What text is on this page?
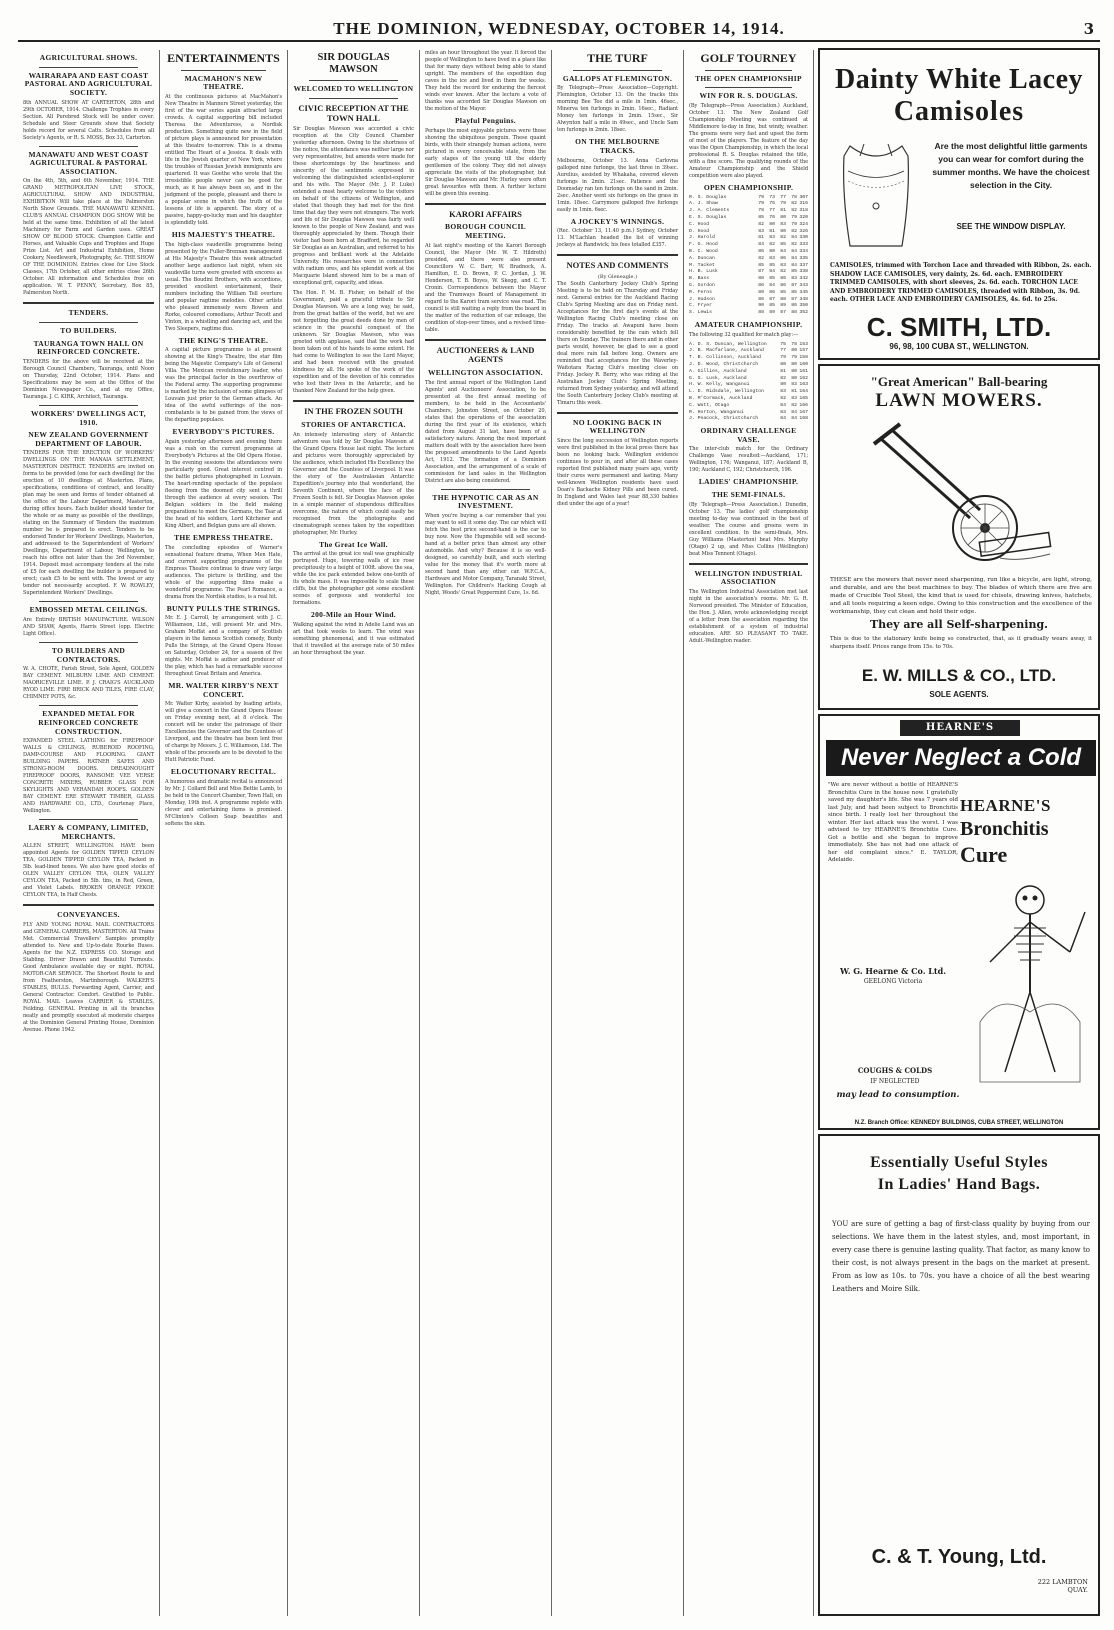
THE DOMINION, WEDNESDAY, OCTOBER 14, 1914.	3
AGRICULTURAL SHOWS.
WAIRARAPA AND EAST COAST PASTORAL AND AGRICULTURAL SOCIETY.
8th ANNUAL SHOW AT CARTERTON, 28th and 29th OCTOBER, 1914. Challenge Trophies in every Section. All Purebred Stock will be under cover. Schedule and Steer Grounds show that Society holds record for several Catts. Schedules from all Society's Agents, or R. S. MOSS, Box 33, Carterton.
MANAWATU AND WEST COAST AGRICULTURAL & PASTORAL ASSOCIATION.
On the 4th, 5th, and 6th November, 1914. THE GRAND METROPOLITAN LIVE STOCK, AGRICULTURAL SHOW AND INDUSTRIAL EXHIBITION Will take place at the Palmerston North Show Grounds. THE MANAWATU KENNEL CLUB'S ANNUAL CHAMPION DOG SHOW Will be held at the same time. Exhibition of all the latest Machinery for Farm and Garden uses. GREAT SHOW OF BLOOD STOCK. Champion Cattle and Horses, and Valuable Cups and Trophies and Huge Prize List. Art and Industrial Exhibition, Home Cookery, Needlework, Photography, &c. THE SHOW OF THE DOMINION. Entries close for Live Stock Classes, 17th October, all other entries close 26th October. All information and Schedules free on application. W. T. PENNY, Secretary, Box 85, Palmerston North.
TENDERS.
TO BUILDERS.
TAURANGA TOWN HALL ON REINFORCED CONCRETE.
TENDERS for the above will be received at the Borough Council Chambers, Tauranga, until Noon on Thursday, 22nd October, 1914. Plans and Specifications may be seen at the Office of the Dominion Newspaper Co., and at my Office, Tauranga. J. C. KIRK, Architect, Tauranga.
WORKERS' DWELLINGS ACT, 1910.
NEW ZEALAND GOVERNMENT DEPARTMENT OF LABOUR.
TENDERS FOR THE ERECTION OF WORKERS' DWELLINGS ON THE MANAIA SETTLEMENT, MASTERTON DISTRICT. TENDERS are invited on forms to be provided (one for each dwelling) for the erection of 10 dwellings at Masterton. Plans, specifications, conditions of contract, and locality plan may be seen and forms of tender obtained at the office of the Labour Department, Masterton, during office hours. Each builder should tender for the whole or as many as possible of the dwellings, stating on the Summary of Tenders the maximum number he is prepared to erect. Tenders to be endorsed Tender for Workers' Dwellings, Masterton, and addressed to the Superintendent of Workers' Dwellings, Department of Labour, Wellington, to reach his office not later than the 3rd November, 1914. Deposit must accompany tenders at the rate of £5 for each dwelling the builder is prepared to erect; cash £5 to be sent with. The lowest or any tender not necessarily accepted. F. W. ROWLEY, Superintendent Workers' Dwellings.
EMBOSSED METAL CEILINGS.
Are Entirely BRITISH MANUFACTURE. WILSON AND SHAW, Agents, Harris Street (opp. Electric Light Office).
TO BUILDERS AND CONTRACTORS.
W. A. CHOTE, Farish Street, Sole Agent, GOLDEN BAY CEMENT. MILBURN LIME AND CEMENT. MAORICEVILLE LIME. P. J. CRAIG'S AUCKLAND RYOD LIME. FIRE BRICK AND TILES, FIRE CLAY, CHIMNEY POTS, &c.
EXPANDED METAL FOR REINFORCED CONCRETE CONSTRUCTION.
EXPANDED STEEL LATHING for FIREPROOF WALLS & CEILINGS, RUBEROID ROOFING, DAMP-COURSE AND FLOORING. GIANT BUILDING PAPERS. RATNER SAFES AND STRONG-ROOM DOORS. DREADNOUGHT FIREPROOF DOORS, RANSOME VEE VERSE CONCRETE MIXERS, RUBBER GLASS FOR SKYLIGHTS AND VERANDAH ROOFS. GOLDEN BAY CEMENT. ERE STEWART TIMBER, GLASS AND HARDWARE CO., LTD., Courtenay Place, Wellington.
LAERY & COMPANY, LIMITED, MERCHANTS.
ALLEN STREET, WELLINGTON. HAVE been appointed Agents for GOLDEN TIPPED CEYLON TEA, GOLDEN TIPPED CEYLON TEA, Packed in 5lb. lead-lined boxes. We also have good stocks of OLEN VALLEY CEYLON TEA, OLEN VALLEY CEYLON TEA, Packed in 5lb. tins, in Red, Green, and Violet Labels. BROKEN ORANGE PEKOE CEYLON TEA, In Half Chests.
CONVEYANCES.
FLY AND YOUNG ROYAL MAIL CONTRACTORS and GENERAL CARRIERS, MASTERTON. All Trains Met. Commercial Travellers' Samples promptly attended to. New and Up-to-date Rourke Buses. Agents for the N.Z. EXPRESS CO. Storage and Stabling. Driver Drawn and Beautiful Turnouts. Good Ambulance available day or night. ROYAL MOTOR-CAR SERVICE. The Shortest Route to and from Featherston, Martinborough. WALKER'S STABLES, BULLS. Forwarding Agent, Carrier, and General Contractor. Comfort. Gratified to Public. ROYAL MAIL Leaves CARRIER & STABLES, Feilding. GENERAL Printing in all its branches neatly and promptly executed at moderate charges at the Dominion General Printing House, Dominion Avenue. Phone 1942.
ENTERTAINMENTS
MACMAHON'S NEW THEATRE.
At the continuous pictures at MacMahon's New Theatre in Manners Street yesterday, the first of the war series again attracted large crowds. A capital supporting bill included Theresa the Adventuress, a Nordisk production. Something quite new in the field of picture plays is announced for presentation at this theatre to-morrow. This is a drama entitled The Heart of a Jessica. It deals with life in the Jewish quarter of New York, where the troubles of Russian Jewish immigrants are quartered. It was Goethe who wrote that the irresistible people never can be good for much, as it has always been so, and in the judgment of the people, pleasant and there is a popular scene in which the truth of the lessons of life is apparent. The story of a passive, happy-go-lucky man and his daughter is splendidly told.
HIS MAJESTY'S THEATRE.
The high-class vaudeville programme being presented by the Fuller-Brennan management at His Majesty's Theatre this week attracted another large audience last night, when six vaudeville turns were greeted with encores as usual. The Boudini Brothers, with accordions, provided excellent entertainment, their numbers including the William Tell overture and popular ragtime melodies. Other artists who pleased immensely were Bowen and Rorke, coloured comedians, Arthur Tecott and Vinton, in a whistling and dancing act, and the Two Sleepers, ragtime duo.
THE KING'S THEATRE.
A capital picture programme is at present showing at the King's Theatre, the star film being the Majestic Company's Life of General Villa. The Mexican revolutionary leader, who was the principal factor in the overthrow of the Federal army. The supporting programme is marked by the inclusion of some glimpses of Louvain just prior to the German attack. An idea of the awful sufferings of the non-combatants is to be gained from the views of the departing populace.
EVERYBODY'S PICTURES.
Again yesterday afternoon and evening there was a rush on the current programme at Everybody's Pictures at the Old Opera House. In the evening sessions the attendances were particularly good. Great interest centred in the battle pictures photographed in Louvain. The heart-rending spectacle of the populace fleeing from the doomed city sent a thrill through the audience at every session. The Belgian soldiers in the field making preparations to meet the Germans, the Tsar at the head of his soldiers, Lord Kitchener and King Albert, and Belgian guns are all shown.
THE EMPRESS THEATRE.
The concluding episodes of Warner's sensational feature drama, When Men Hate, and current supporting programme of the Empress Theatre continue to draw very large audiences. The picture is thrilling, and the whole of the supporting films make a wonderful programme. The Pearl Romance, a drama from the Nordisk studios, is a real hit.
BUNTY PULLS THE STRINGS.
Mr. E. J. Carroll, by arrangement with J. C. Williamson, Ltd., will present Mr. and Mrs. Graham Moffat and a company of Scottish players in the famous Scottish comedy, Bunty Pulls the Strings, at the Grand Opera House on Saturday, October 24, for a season of five nights. Mr. Moffat is author and producer of the play, which has had a remarkable success throughout Great Britain and America.
MR. WALTER KIRBY'S NEXT CONCERT.
Mr. Walter Kirby, assisted by leading artists, will give a concert in the Grand Opera House on Friday evening next, at 8 o'clock. The concert will be under the patronage of their Excellencies the Governor and the Countess of Liverpool, and the theatre has been lent free of charge by Messrs. J. C. Williamson, Ltd. The whole of the proceeds are to be devoted to the Hutt Patriotic Fund.
ELOCUTIONARY RECITAL.
A humorous and dramatic recital is announced by Mr. J. Collard Bell and Miss Bettie Lamb, to be held in the Concert Chamber, Town Hall, on Monday, 19th inst. A programme replete with clever and entertaining items is promised. M'Clinton's Colleen Soap beautifies and softens the skin.
SIR DOUGLAS MAWSON
WELCOMED TO WELLINGTON
CIVIC RECEPTION AT THE TOWN HALL
Sir Douglas Mawson was accorded a civic reception at the City Council Chamber yesterday afternoon. Owing to the shortness of the notice, the attendance was neither large nor very representative, but amends were made for these shortcomings by the heartiness and sincerity of the sentiments expressed in welcoming the distinguished scientist-explorer and his wife. The Mayor (Mr. J. P. Luke) extended a most hearty welcome to the visitors on behalf of the citizens of Wellington, and stated that though they had met for the first time that day they were not strangers. The work and life of Sir Douglas Mawson was fairly well known to the people of New Zealand, and was thoroughly appreciated by them. Though their visitor had been born at Bradford, he regarded Sir Douglas as an Australian, and referred to his progress and brilliant work at the Adelaide University. His researches were in connection with radium ores, and his splendid work at the Macquarie Island showed him to be a man of exceptional grit, capacity, and ideas.
The Hon. F. M. B. Fisher, on behalf of the Government, paid a graceful tribute to Sir Douglas Mawson. We are a long way, he said, from the great battles of the world, but we are not forgetting the great deeds done by men of science in the peaceful conquest of the unknown. Sir Douglas Mawson, who was greeted with applause, said that the work had been taken out of his hands to some extent. He had come to Wellington to see the Lord Mayor, and had been received with the greatest kindness by all. He spoke of the work of the expedition and of the devotion of his comrades who lost their lives in the Antarctic, and he thanked New Zealand for the help given.
IN THE FROZEN SOUTH
STORIES OF ANTARCTICA.
An intensely interesting story of Antarctic adventure was told by Sir Douglas Mawson at the Grand Opera House last night. The lecture and pictures were thoroughly appreciated by the audience, which included His Excellency the Governor and the Countess of Liverpool. It was the story of the Australasian Antarctic Expedition's journey into that wonderland, the Seventh Continent, where the face of the Frozen South is felt. Sir Douglas Mawson spoke in a simple manner of stupendous difficulties overcome, the nature of which could easily be recognised from the photographs and cinematograph scenes taken by the expedition photographer, Mr. Hurley.
The Great Ice Wall.
The arrival at the great ice wall was graphically portrayed. Huge, towering walls of ice rose precipitously to a height of 100ft. above the sea, while the ice pack extended below one-tenth of its whole mass. It was impossible to scale these cliffs, but the photographer got some excellent scenes of gorgeous and wonderful ice formations.
200-Mile an Hour Wind.
Walking against the wind in Adelie Land was an art that took weeks to learn. The wind was something phenomenal, and it was estimated that it travelled at the average rate of 50 miles an hour throughout the year.
miles an hour throughout the year. It forced the people of Wellington to have lived in a place like that for many days without being able to stand upright. The members of the expedition dug caves in the ice and lived in them for weeks. They held the record for enduring the fiercest winds ever known. After the lecture a vote of thanks was accorded Sir Douglas Mawson on the motion of the Mayor.
Playful Penguins.
Perhaps the most enjoyable pictures were those showing the ubiquitous penguin. These quaint birds, with their strangely human actions, were pictured in every conceivable state, from the early stages of the young till the elderly gentlemen of the colony. They did not always appreciate the visits of the photographer, but Sir Douglas Mawson and Mr. Hurley were often great favourites with them. A further lecture will be given this evening.
KARORI AFFAIRS
BOROUGH COUNCIL MEETING.
At last night's meeting of the Karori Borough Council, the Mayor (Mr. W. T. Hildreth) presided, and there were also present Councillors W. C. Barr, W. Bradnock, A. Hamilton, E. D. Brown, P. C. Jordan, J. W. Henderson, T. B. Boyes, W. Skegg, and C. T. Cronin. Correspondence between the Mayor and the Tramways Board of Management in regard to the Karori tram service was read. The council is still waiting a reply from the board in the matter of the reduction of car mileage, the condition of stop-over times, and a revised time-table.
AUCTIONEERS & LAND AGENTS
WELLINGTON ASSOCIATION.
The first annual report of the Wellington Land Agents' and Auctioneers' Association, to be presented at the first annual meeting of members, to be held in the Accountants' Chambers, Johnston Street, on October 20, states that the operations of the association during the first year of its existence, which dated from August 31 last, have been of a satisfactory nature. Among the most important matters dealt with by the association have been the proposed amendments to the Land Agents Act, 1912. The formation of a Dominion Association, and the arrangement of a scale of commission for land sales in the Wellington District are also being considered.
THE HYPNOTIC CAR AS AN INVESTMENT.
When you're buying a car remember that you may want to sell it some day. The car which will fetch the best price second-hand is the car to buy now. Now the Hupmobile will sell second-hand at a better price than almost any other automobile. And why? Because it is so well-designed, so carefully built, and such sterling value for the money that it's worth more at second hand than any other car. W.F.C.A., Hardware and Motor Company, Taranaki Street, Wellington. For Children's Hacking Cough at Night, Woods' Great Peppermint Cure, 1s. 6d.
THE TURF
GALLOPS AT FLEMINGTON.
By Telegraph—Press Association—Copyright. Flemington, October 13. On the tracks this morning Bee Tee did a mile in 1min. 46sec., Minerva ten furlongs in 2min. 16sec., Radiant Money ten furlongs in 2min. 15sec., Sir Alwynton half a mile in 49sec., and Uncle Sam ten furlongs in 2min. 18sec.
ON THE MELBOURNE TRACKS.
Melbourne, October 13. Anna Carlovna galloped nine furlongs, the last three in 39sec. Aurelius, assisted by Whakaha, covered eleven furlongs in 2min. 21sec. Patience and the Doomsday ran ten furlongs on the sand in 2min. 2sec. Another went six furlongs on the grass in 1min. 18sec. Carrymore galloped five furlongs easily in 1min. 6sec.
A JOCKEY'S WINNINGS.
(Rec. October 13, 11.40 p.m.) Sydney, October 13. M'Lachlan headed the list of winning jockeys at Randwick; his fees totalled £357.
NOTES AND COMMENTS
(By Gleneagle.)
The South Canterbury Jockey Club's Spring Meeting is to be held on Thursday and Friday next. General entries for the Auckland Racing Club's Spring Meeting are due on Friday next. Acceptances for the first day's events at the Wellington Racing Club's meeting close on Friday. The tracks at Awapuni have been considerably benefited by the rain which fell there on Sunday. The trainers there and in other parts would, however, be glad to see a good deal more rain fall before long. Owners are reminded that acceptances for the Waverley-Waitotara Racing Club's meeting close on Friday. Jockey R. Berry, who was riding at the Australian Jockey Club's Spring Meeting, returned from Sydney yesterday, and will attend the South Canterbury Jockey Club's meeting at Timaru this week.
NO LOOKING BACK IN WELLINGTON
Since the long succession of Wellington reports were first published in the local press there has been no looking back. Wellington evidence continues to pour in, and after all these cases reported first published many years ago, verify their cures were permanent and lasting. Many well-known Wellington residents have used Doan's Backache Kidney Pills and been cured. In England and Wales last year 88,330 babies died under the age of a year!
GOLF TOURNEY
THE OPEN CHAMPIONSHIP
WIN FOR R. S. DOUGLAS.
(By Telegraph—Press Association.) Auckland, October 13. The New Zealand Golf Championship Meeting was continued at Middlemore to-day in fine, but windy, weather. The greens were very fast and upset the form of most of the players. The feature of the day was the Open Championship, in which the local professional R. S. Douglas retained the title, with a fine score. The qualifying rounds of the Amateur Championship and the Shield competition were also played.
OPEN CHAMPIONSHIP.
R. S. Douglas	79	73	77	78 307
A. J. Shaw	79	76	79	82 316
J. A. Clements	78	77	81	82 318
E. S. Douglas	85	76	80	79 320
C. Hood	82	80	83	79 324
D. Hood	83	81	80	82 326
J. Harold	81	83	82	84 330
F. G. Hood	84	82	85	82 333
B. C. Wood	86	80	84	84 334
A. Duncan	82	83	86	84 335
M. Tacket	85	85	83	84 337
H. B. Lusk	87	84	82	85 338
B. Bass	88	85	86	83 342
G. Gordon	86	84	86	87 343
R. Ferns	89	86	85	85 345
J. Hudson	86	87	88	87 348
C. Fryer	90	85	89	86 350
S. Lewis	88	89	87	88 352
AMATEUR CHAMPIONSHIP.
The following 32 qualified for match play:—
A. D. S. Duncan, Wellington	75	78 153
J. B. Macfarlane, Auckland	77	80 157
T. B. Collinson, Auckland	79	79 158
J. D. Wood, Christchurch	80	80 160
A. Gillies, Auckland	81	80 161
G. S. Lusk, Auckland	82	80 162
H. W. Kelly, Wanganui	80	83 163
L. D. Ridsdale, Wellington	83	81 164
B. M'Cormack, Auckland	82	83 165
C. Watt, Otago	84	82 166
R. Horton, Wanganui	83	84 167
J. Peacock, Christchurch	84	84 168
ORDINARY CHALLENGE VASE.
The inter-club match for the Ordinary Challenge Vase resulted:—Auckland, 171; Wellington, 176; Wanganui, 187; Auckland B, 190; Auckland C, 192; Christchurch, 196.
LADIES' CHAMPIONSHIP.
THE SEMI-FINALS.
(By Telegraph—Press Association.) Dunedin, October 13. The ladies' golf championship meeting to-day was continued in the best of weather. The course and greens were in excellent condition. In the semi-finals, Mrs. Guy Williams (Masterton) beat Mrs. Murphy (Otago) 2 up, and Miss Collins (Wellington) beat Miss Tennent (Otago).
WELLINGTON INDUSTRIAL ASSOCIATION
The Wellington Industrial Association met last night in the association's rooms. Mr. G. R. Norwood presided. The Minister of Education, the Hon. J. Allen, wrote acknowledging receipt of a letter from the association regarding the establishment of a system of industrial education. ARE SO PLEASANT TO TAKE. Adult.-Wellington reader.
Dainty White Lacey
Camisoles
Are the most delightful little garments you can wear for comfort during the summer months. We have the choicest selection in the City.
SEE THE WINDOW DISPLAY.
CAMISOLES, trimmed with Torchon Lace and threaded with Ribbon, 2s. each. SHADOW LACE CAMISOLES, very dainty, 2s. 6d. each. EMBROIDERY TRIMMED CAMISOLES, with short sleeves, 2s. 6d. each. TORCHON LACE AND EMBROIDERY TRIMMED CAMISOLES, threaded with Ribbon, 3s. 9d. each. OTHER LACE AND EMBROIDERY CAMISOLES, 4s. 6d. to 25s.
C. SMITH, LTD.
96, 98, 100 CUBA ST., WELLINGTON.
"Great American" Ball-bearing
LAWN MOWERS.
THESE are the mowers that never need sharpening, run like a bicycle, are light, strong, and durable, and are the best machines to buy. The blades of which there are five are made of Crucible Tool Steel, the kind that is used for chisels, drawing knives, hatchets, and all tools requiring a keen edge. Owing to this construction and the excellence of the workmanship, they cut clean and hold their edge.
They are all Self-sharpening.
This is due to the stationary knife being so constructed, that, as it gradually wears away, it sharpens itself. Prices range from 15s. to 70s.
E. W. MILLS & CO., LTD.
SOLE AGENTS.
HEARNE'S
Never Neglect a Cold
"We are never without a bottle of HEARNE'S Bronchitis Cure in the house now. I gratefully saved my daughter's life. She was 7 years old last July, and had been subject to Bronchitis since birth. I really lost her throughout the winter. Her last attack was the worst. I was advised to try HEARNE'S Bronchitis Cure. Got a bottle and she began to improve immediately. She has not had one attack of her old complaint since." E. TAYLOR, Adelaide.
HEARNE'S
Bronchitis
Cure
W. G. Hearne & Co. Ltd.
GEELONG Victoria
COUGHS & COLDS
IF NEGLECTED
may lead to consumption.
N.Z. Branch Office: KENNEDY BUILDINGS, CUBA STREET, WELLINGTON
Essentially Useful Styles
In Ladies' Hand Bags.
YOU are sure of getting a bag of first-class quality by buying from our selections. We have them in the latest styles, and, most important, in every case there is genuine lasting quality. That factor, as many know to their cost, is not always present in the bags on the market at present. From as low as 10s. to 70s. you have a choice of all the best wearing Leathers and Moire Silk.
C. & T. Young, Ltd.
222 LAMBTON QUAY.
